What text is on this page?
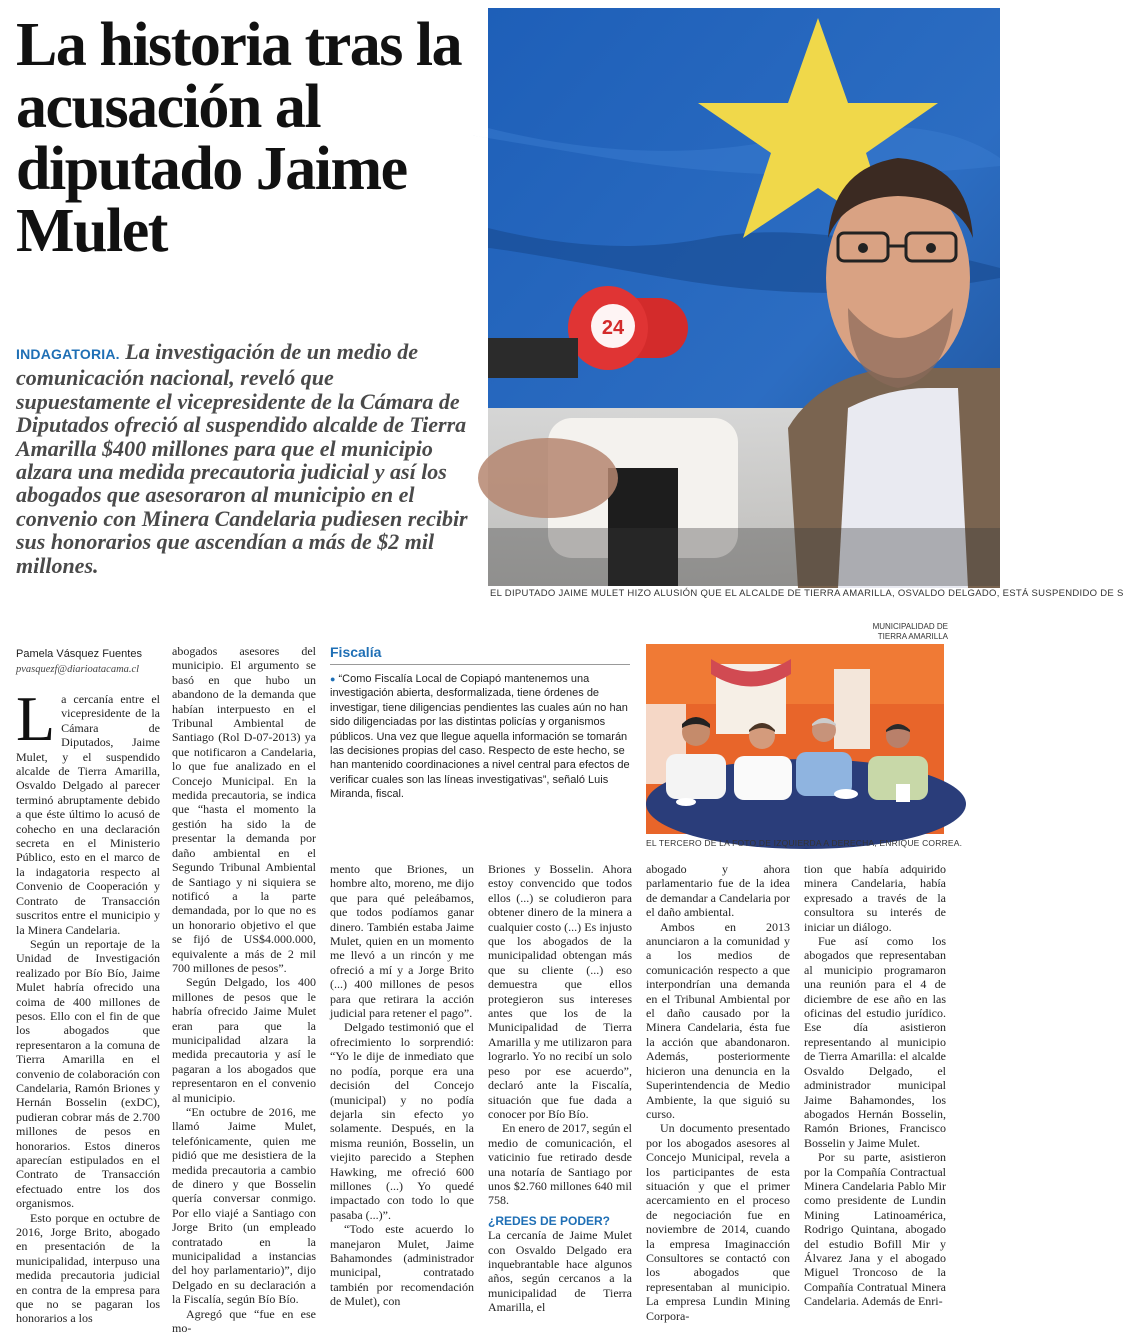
La historia tras la acusación al diputado Jaime Mulet
24
EL DIPUTADO JAIME MULET HIZO ALUSIÓN QUE EL ALCALDE DE TIERRA AMARILLA, OSVALDO DELGADO, ESTÁ SUSPENDIDO DE S
INDAGATORIA. La investigación de un medio de comunicación nacional, reveló que supuestamente el vicepresidente de la Cámara de Diputados ofreció al suspendido alcalde de Tierra Amarilla $400 millones para que el municipio alzara una medida precautoria judicial y así los abogados que asesoraron al municipio en el convenio con Minera Candelaria pudiesen recibir sus honorarios que ascendían a más de $2 mil millones.
Pamela Vásquez Fuentes
pvasquezf@diarioatacama.cl

La cercanía entre el vicepresidente de la Cámara de Diputados, Jaime Mulet, y el suspendido alcalde de Tierra Amarilla, Osvaldo Delgado al parecer terminó abruptamente debido a que éste último lo acusó de cohecho en una declaración secreta en el Ministerio Público, esto en el marco de la indagatoria respecto al Convenio de Cooperación y Contrato de Transacción suscritos entre el municipio y la Minera Candelaria.

Según un reportaje de la Unidad de Investigación realizado por Bío Bío, Jaime Mulet habría ofrecido una coima de 400 millones de pesos. Ello con el fin de que los abogados que representaron a la comuna de Tierra Amarilla en el convenio de colaboración con Candelaria, Ramón Briones y Hernán Bosselin (exDC), pudieran cobrar más de 2.700 millones de pesos en honorarios. Estos dineros aparecían estipulados en el Contrato de Transacción efectuado entre los dos organismos.

Esto porque en octubre de 2016, Jorge Brito, abogado en presentación de la municipalidad, interpuso una medida precautoria judicial en contra de la empresa para que no se pagaran los honorarios a los

abogados asesores del municipio. El argumento se basó en que hubo un abandono de la demanda que habían interpuesto en el Tribunal Ambiental de Santiago (Rol D-07-2013) ya que notificaron a Candelaria, lo que fue analizado en el Concejo Municipal. En la medida precautoria, se indica que “hasta el momento la gestión ha sido la de presentar la demanda por daño ambiental en el Segundo Tribunal Ambiental de Santiago y ni siquiera se notificó a la parte demandada, por lo que no es un honorario objetivo el que se fijó de US$4.000.000, equivalente a más de 2 mil 700 millones de pesos”.

Según Delgado, los 400 millones de pesos que le habría ofrecido Jaime Mulet eran para que la municipalidad alzara la medida precautoria y así le pagaran a los abogados que representaron en el convenio al municipio.

“En octubre de 2016, me llamó Jaime Mulet, telefónicamente, quien me pidió que me desistiera de la medida precautoria a cambio de dinero y que Bosselin quería conversar conmigo. Por ello viajé a Santiago con Jorge Brito (un empleado contratado en la municipalidad a instancias del hoy parlamentario)”, dijo Delgado en su declaración a la Fiscalía, según Bío Bío.

Agregó que “fue en ese mo-

Fiscalía
● “Como Fiscalía Local de Copiapó mantenemos una investigación abierta, desformalizada, tiene órdenes de investigar, tiene diligencias pendientes las cuales aún no han sido diligenciadas por las distintas policías y organismos públicos. Una vez que llegue aquella información se tomarán las decisiones propias del caso. Respecto de este hecho, se han mantenido coordinaciones a nivel central para efectos de verificar cuales son las líneas investigativas”, señaló Luis Miranda, fiscal.

mento que Briones, un hombre alto, moreno, me dijo que para qué peleábamos, que todos podíamos ganar dinero. También estaba Jaime Mulet, quien en un momento me llevó a un rincón y me ofreció a mí y a Jorge Brito (...) 400 millones de pesos para que retirara la acción judicial para retener el pago”.

Delgado testimonió que el ofrecimiento lo sorprendió: “Yo le dije de inmediato que no podía, porque era una decisión del Concejo (municipal) y no podía dejarla sin efecto yo solamente. Después, en la misma reunión, Bosselin, un viejito parecido a Stephen Hawking, me ofreció 600 millones (...) Yo quedé impactado con todo lo que pasaba (...)”.

“Todo este acuerdo lo manejaron Mulet, Jaime Bahamondes (administrador municipal, contratado también por recomendación de Mulet), con

Briones y Bosselin. Ahora estoy convencido que todos ellos (...) se coludieron para obtener dinero de la minera a cualquier costo (...) Es injusto que los abogados de la municipalidad obtengan más que su cliente (...) eso demuestra que ellos protegieron sus intereses antes que los de la Municipalidad de Tierra Amarilla y me utilizaron para lograrlo. Yo no recibí un solo peso por ese acuerdo”, declaró ante la Fiscalía, situación que fue dada a conocer por Bío Bío.

En enero de 2017, según el medio de comunicación, el vaticinio fue retirado desde una notaría de Santiago por unos $2.760 millones 640 mil 758.

¿REDES DE PODER?

La cercanía de Jaime Mulet con Osvaldo Delgado era inquebrantable hace algunos años, según cercanos a la municipalidad de Tierra Amarilla, el

MUNICIPALIDAD DE TIERRA AMARILLA
EL TERCERO DE LA FOTO DE IZQUIERDA A DERECHA, ENRIQUE CORREA.

abogado y ahora parlamentario fue de la idea de demandar a Candelaria por el daño ambiental.

Ambos en 2013 anunciaron a la comunidad y a los medios de comunicación respecto a que interpondrían una demanda en el Tribunal Ambiental por el daño causado por la Minera Candelaria, ésta fue la acción que abandonaron. Además, posteriormente hicieron una denuncia en la Superintendencia de Medio Ambiente, la que siguió su curso.

Un documento presentado por los abogados asesores al Concejo Municipal, revela a los participantes de esta situación y que el primer acercamiento en el proceso de negociación fue en noviembre de 2014, cuando la empresa Imaginacción Consultores se contactó con los abogados que representaban al municipio. La empresa Lundin Mining Corpora-

tion que había adquirido minera Candelaria, había expresado a través de la consultora su interés de iniciar un diálogo.

Fue así como los abogados que representaban al municipio programaron una reunión para el 4 de diciembre de ese año en las oficinas del estudio jurídico. Ese día asistieron representando al municipio de Tierra Amarilla: el alcalde Osvaldo Delgado, el administrador municipal Jaime Bahamondes, los abogados Hernán Bosselin, Ramón Briones, Francisco Bosselin y Jaime Mulet.

Por su parte, asistieron por la Compañía Contractual Minera Candelaria Pablo Mir como presidente de Lundin Mining Latinoamérica, Rodrigo Quintana, abogado del estudio Bofill Mir y Álvarez Jana y el abogado Miguel Troncoso de la Compañía Contratual Minera Candelaria. Además de Enri-
